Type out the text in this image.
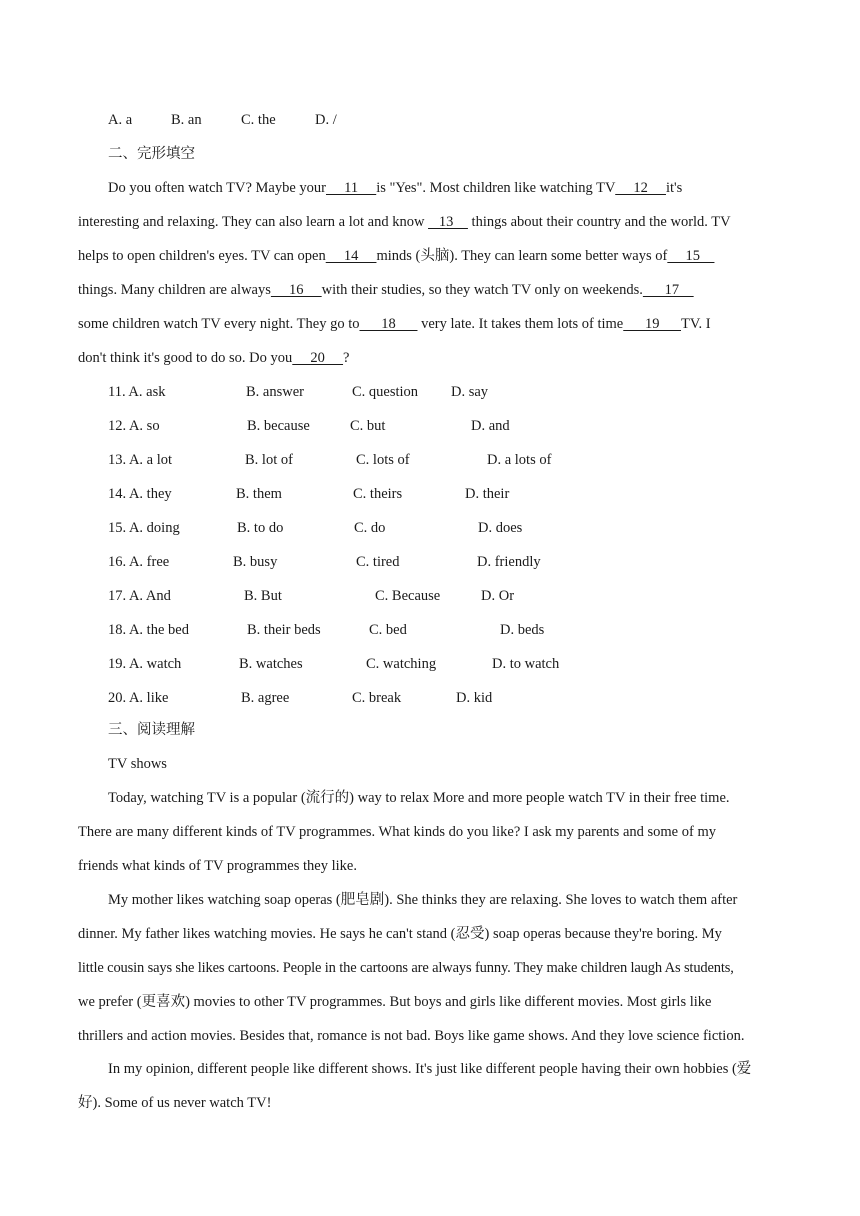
A. a	B. an	C. the	D. /
二、完形填空
Do you often watch TV? Maybe your     11     is "Yes". Most children like watching TV     12     it's
interesting and relaxing. They can also learn a lot and know    13     things about their country and the world. TV
helps to open children's eyes. TV can open     14     minds (头脑). They can learn some better ways of     15
things. Many children are always     16     with their studies, so they watch TV only on weekends.      17
some children watch TV every night. They go to      18       very late. It takes them lots of time      19      TV. I
don't think it's good to do so. Do you     20     ?
11. A. ask	B. answer	C. question D. say
12. A. so	B. because	C. but	D. and
13. A. a lot	B. lot of	C. lots of	D. a lots of
14. A. they	B. them	C. theirs	D. their
15. A. doing	B. to do	C. do	D. does
16. A. free	B. busy	C. tired	D. friendly
17. A. And	B. But	C. Because	D. Or
18. A. the bed	B. their beds	C. bed	D. beds
19. A. watch	B. watches	C. watching	D. to watch
20. A. like	B. agree	C. break	D. kid
三、阅读理解
TV shows
Today, watching TV is a popular (流行的) way to relax More and more people watch TV in their free time.
There are many different kinds of TV programmes. What kinds do you like? I ask my parents and some of my
friends what kinds of TV programmes they like.
My mother likes watching soap operas (肥皂剧). She thinks they are relaxing. She loves to watch them after
dinner. My father likes watching movies. He says he can't stand (忍受) soap operas because they're boring. My
little cousin says she likes cartoons. People in the cartoons are always funny. They make children laugh As students,
we prefer (更喜欢) movies to other TV programmes. But boys and girls like different movies. Most girls like
thrillers and action movies. Besides that, romance is not bad. Boys like game shows. And they love science fiction.
In my opinion, different people like different shows. It's just like different people having their own hobbies (爱
好). Some of us never watch TV!
